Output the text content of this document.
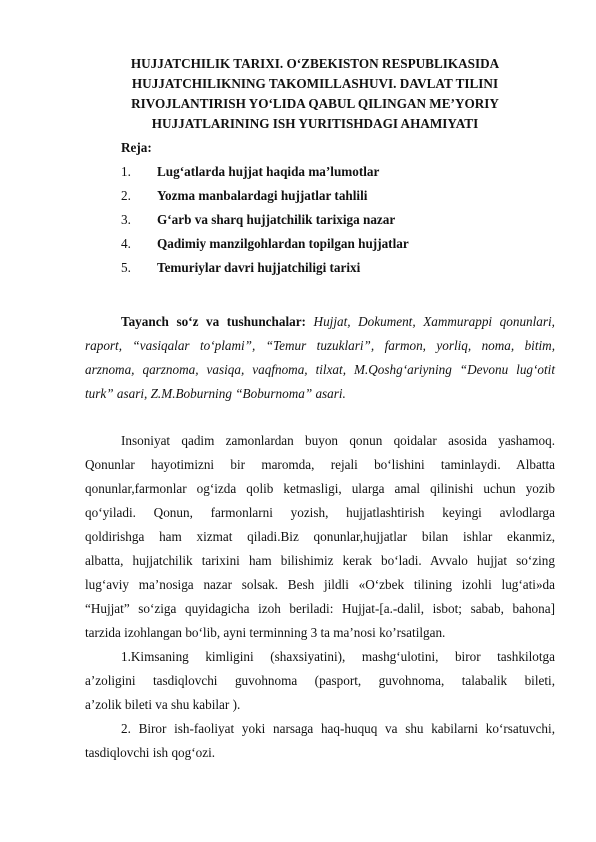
HUJJATCHILIK TARIXI. O‘ZBEKISTON RESPUBLIKASIDA
HUJJATCHILIKNING TAKOMILLASHUVI. DAVLAT TILINI
RIVOJLANTIRISH YO‘LIDA QABUL QILINGAN ME’YORIY
HUJJATLARINING ISH YURITISHDAGI AHAMIYATI
Reja:
1. Lug‘atlarda hujjat haqida ma’lumotlar
2. Yozma manbalardagi hujjatlar tahlili
3. G‘arb va sharq hujjatchilik tarixiga nazar
4. Qadimiy manzilgohlardan topilgan hujjatlar
5. Temuriylar davri hujjatchiligi tarixi
Tayanch so‘z va tushunchalar: Hujjat, Dokument, Xammurappi qonunlari,
raport, “vasiqalar to‘plami”, “Temur tuzuklari”, farmon, yorliq, noma, bitim,
arznoma, qarznoma, vasiqa, vaqfnoma, tilxat, M.Qoshg‘ariyning “Devonu lug‘otit
turk” asari, Z.M.Boburning “Boburnoma” asari.
Insoniyat qadim zamonlardan buyon qonun qoidalar asosida yashamoq.
Qonunlar hayotimizni bir maromda, rejali bo‘lishini taminlaydi. Albatta
qonunlar,farmonlar og‘izda qolib ketmasligi, ularga amal qilinishi uchun yozib
qo‘yiladi. Qonun, farmonlarni yozish, hujjatlashtirish keyingi avlodlarga
qoldirishga ham xizmat qiladi.Biz qonunlar,hujjatlar bilan ishlar ekanmiz,
albatta, hujjatchilik tarixini ham bilishimiz kerak bo‘ladi. Avvalo hujjat so‘zing
lug‘aviy ma’nosiga nazar solsak. Besh jildli «O‘zbek tilining izohli lug‘ati»da
“Hujjat” so‘ziga quyidagicha izoh beriladi: Hujjat-[a.-dalil, isbot; sabab, bahona]
tarzida izohlangan bo‘lib, ayni terminning 3 ta ma’nosi ko’rsatilgan.
1.Kimsaning kimligini (shaxsiyatini), mashg‘ulotini, biror tashkilotga
a’zoligini tasdiqlovchi guvohnoma (pasport, guvohnoma, talabalik bileti,
a’zolik bileti va shu kabilar ).
2. Biror ish-faoliyat yoki narsaga haq-huquq va shu kabilarni ko‘rsatuvchi,
tasdiqlovchi ish qog‘ozi.
